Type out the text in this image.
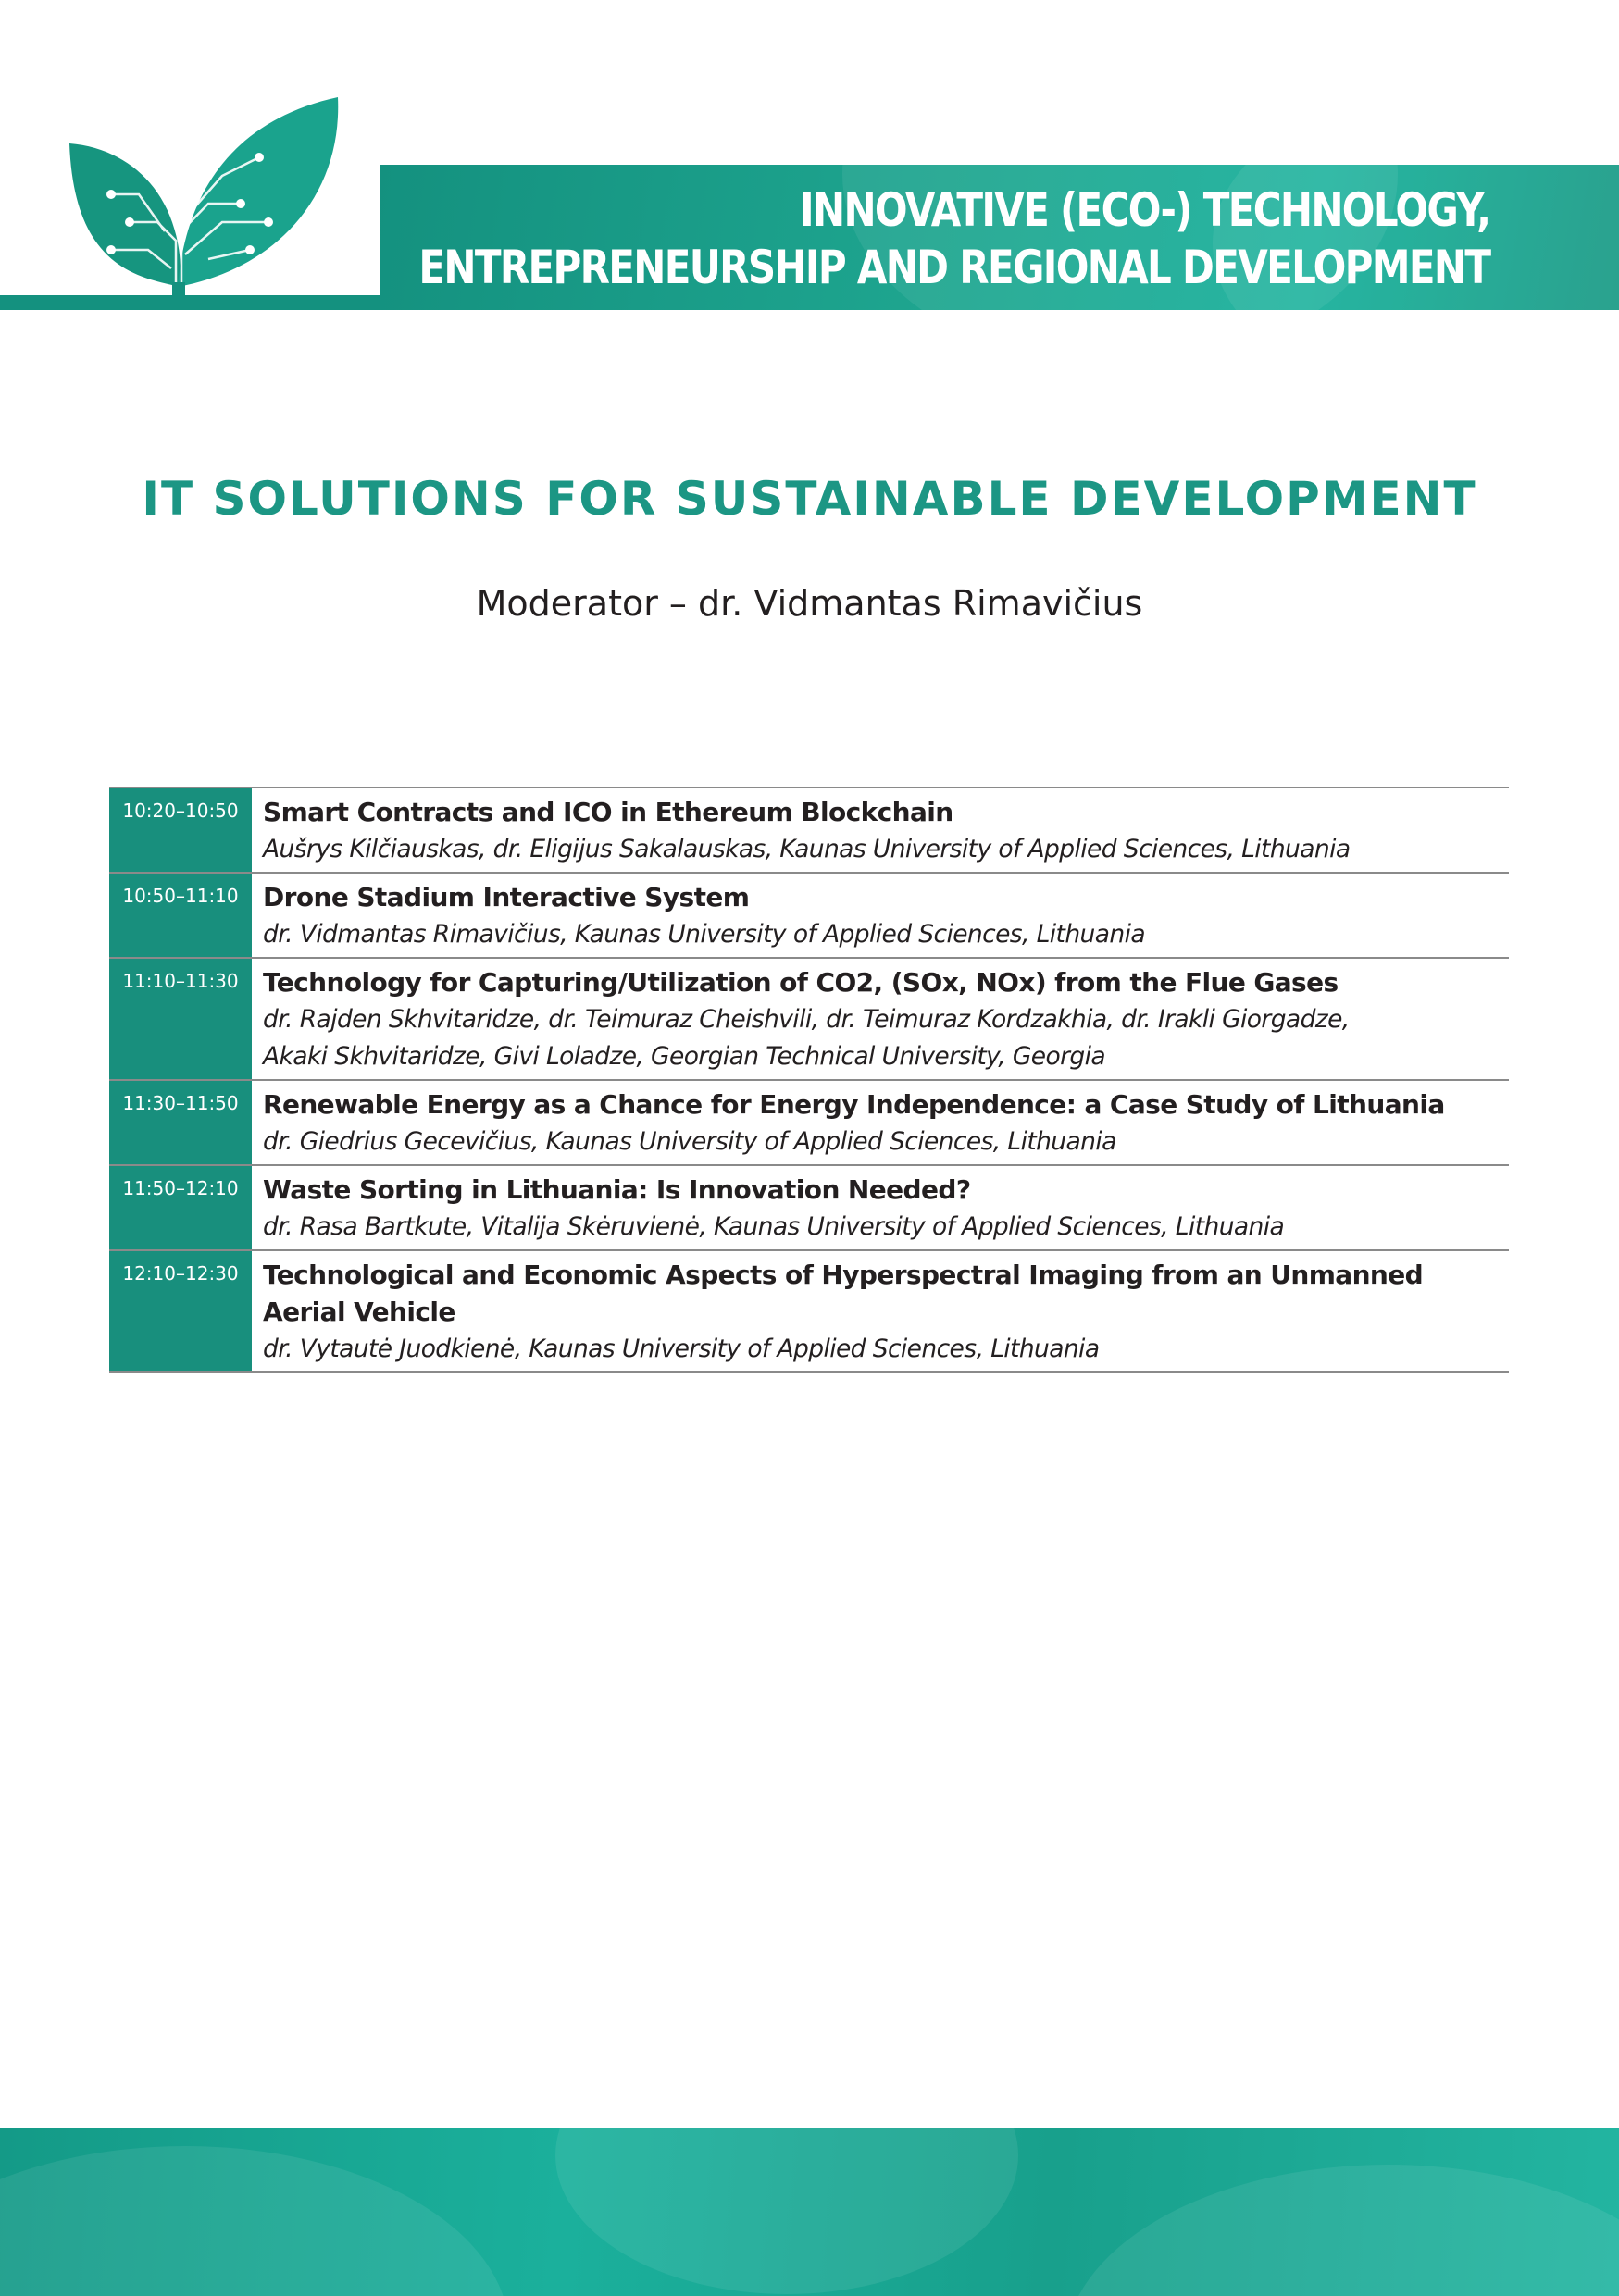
INNOVATIVE (ECO-) TECHNOLOGY,
ENTREPRENEURSHIP AND REGIONAL DEVELOPMENT
IT SOLUTIONS FOR SUSTAINABLE DEVELOPMENT
Moderator – dr. Vidmantas Rimavičius
10:20–10:50 Smart Contracts and ICO in Ethereum Blockchain
Aušrys Kilčiauskas, dr. Eligijus Sakalauskas, Kaunas University of Applied Sciences, Lithuania
10:50–11:10 Drone Stadium Interactive System
dr. Vidmantas Rimavičius, Kaunas University of Applied Sciences, Lithuania
11:10–11:30 Technology for Capturing/Utilization of CO2, (SOx, NOx) from the Flue Gases
dr. Rajden Skhvitaridze, dr. Teimuraz Cheishvili, dr. Teimuraz Kordzakhia, dr. Irakli Giorgadze,
Akaki Skhvitaridze, Givi Loladze, Georgian Technical University, Georgia
11:30–11:50 Renewable Energy as a Chance for Energy Independence: a Case Study of Lithuania
dr. Giedrius Gecevičius, Kaunas University of Applied Sciences, Lithuania
11:50–12:10 Waste Sorting in Lithuania: Is Innovation Needed?
dr. Rasa Bartkute, Vitalija Skėruvienė, Kaunas University of Applied Sciences, Lithuania
12:10–12:30 Technological and Economic Aspects of Hyperspectral Imaging from an Unmanned Aerial Vehicle
dr. Vytautė Juodkienė, Kaunas University of Applied Sciences, Lithuania
